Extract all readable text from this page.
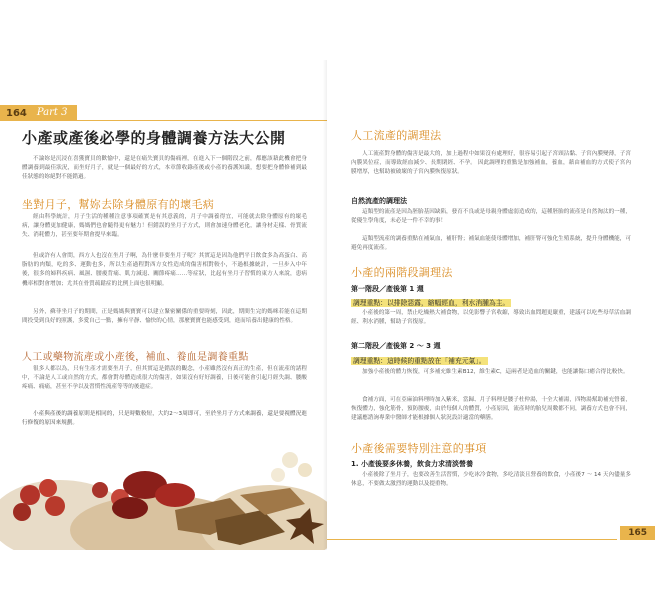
164	Part 3
小產或產後必學的身體調養方法大公開
不論妳是沉浸在喜獲寶貝的歡愉中，還是在痛失寶貝的傷痛裡，在進入下一個階段之前，都應該藉此機會把身體調養到最佳狀況，而坐好月子，就是一個最好的方式，本章節收錄產後或小產的養護知識，想要把身體修補到最佳狀態的妳絕對不能錯過。
坐對月子，幫妳去除身體原有的壞毛病
經由科學統計，月子生活的種種注意事項確實是有其意義的，月子中調養得宜，可能就去除身體原有的壞毛病，讓身體更加健康，媽媽們也會隨得更有魅力！但錯誤的坐月子方式，則會加速身體老化，讓身材走樣、骨質流失、消耗體力，甚至要年期會提早來臨。
但或許有人會問，西方人也沒在坐月子啊，為什麼非要坐月子呢？其實這是因為他們平日飲食多為高蛋白、高脂肪的肉類，吃的多、運動也多，所以生產過程對西方女性造成的傷害相對較小，不過根據統計，一旦步入中年後，很多的婦科疾病、風濕、腰痠背痛、肌力減退、關節疼痛……等症狀，比起有坐月子習慣的東方人來說，患病機率相對會增加；尤其在骨質疏鬆症的比例上面也很明顯。
另外，蘇菲坐月子的期間，正是媽媽與寶寶可以建立緊密關係的重要時刻，因此，期間生完的媽咪若能在這期間投受到良好的照護，多愛自己一點，擁有平靜、愉快的心情，那麼寶寶也能感受到，進而培養出健康的性格。
人工或藥物流產或小產後，補血、養血是調養重點
很多人都以為，只有生產才需要坐月子，但其實這是錯誤的觀念，小產雖然沒有真正的生產，但在流產的諸程中，不論是人工或自然的方式，都會對母體造成很大的傷害，如果沒有好好調養，日後可能會引起月經失調、腰酸疼痛、痛痛，甚至不孕以及習慣性流產等等的後遺症。
小產與產後的調養原則是相同的，只是時數較短，大約2～3周即可，至於坐月子方式來調養，還是要視體況進行修復的原因來規劃。
人工流產的調理法
人工流產對身體的傷害是最大的，加上過程中如果沒有處理好，很容易引起子宮頸沾黏、子宮內膜變薄，子宮內膜異位症，而導致經血減少、長期閉經、不孕。 因此調理的重點是加強補血，養血，藉由補血的方式使子宮內膜增厚，也幫助被破壞的子宮內膜恢復原狀。
自然流產的調理法
這類型的流產是因為胚胎基因缺陷，發育不良或是母親身體虛弱造成的，這種胚胎的流產是自然淘汰的一種，從優生學角度，未必是一件不幸的事！
這類型流產的調養重點在補氣血，補肝腎；補氣血能使母體增加，補肝腎可強化生殖系統，提升身體機能，可避免再度流產。
小產的兩階段調理法
第一階段／產後第 1 週
調理重點：以排除惡露，縮幅經血，利水消腫為主。
小產後的第一周，禁止吃燥熱大補食物，以免影響子宮收縮，導致出血問題更嚴重，建議可以吃些母草活血調經、利水消腫，幫助子宮復原。
第二階段／產後第 2 ～ 3 週
調理重點：這時候的重點放在「補充元氣」。
加強小產後的體力恢復，可多補充維生素B12，維生素C，這兩者是造血的關鍵，也能讓傷口癒合得比較快。
食補方面，可在亞麻油料理時加入紫米，當歸、月子料理是腰子杜仲湯，十全大補湯，四物湯幫助補充營養，恢復體力，強化筋骨，預防腰痠，由於每個人的體質，小產原因，流產時的胎兒周數都不同，調養方式也會不同，建議應諮詢專業中醫師才能根據個人狀況設計適當的藥膳。
小產後需要特別注意的事項
1. 小產後要多休養，飲食力求清淡營養
小產後除了坐月子，也要改善生活習慣，少吃冰冷食物，多吃清淡且營養的飲食，小產後7 ～ 14 天內儘量多休息，不要做太激烈的運動以及提重物。
165
